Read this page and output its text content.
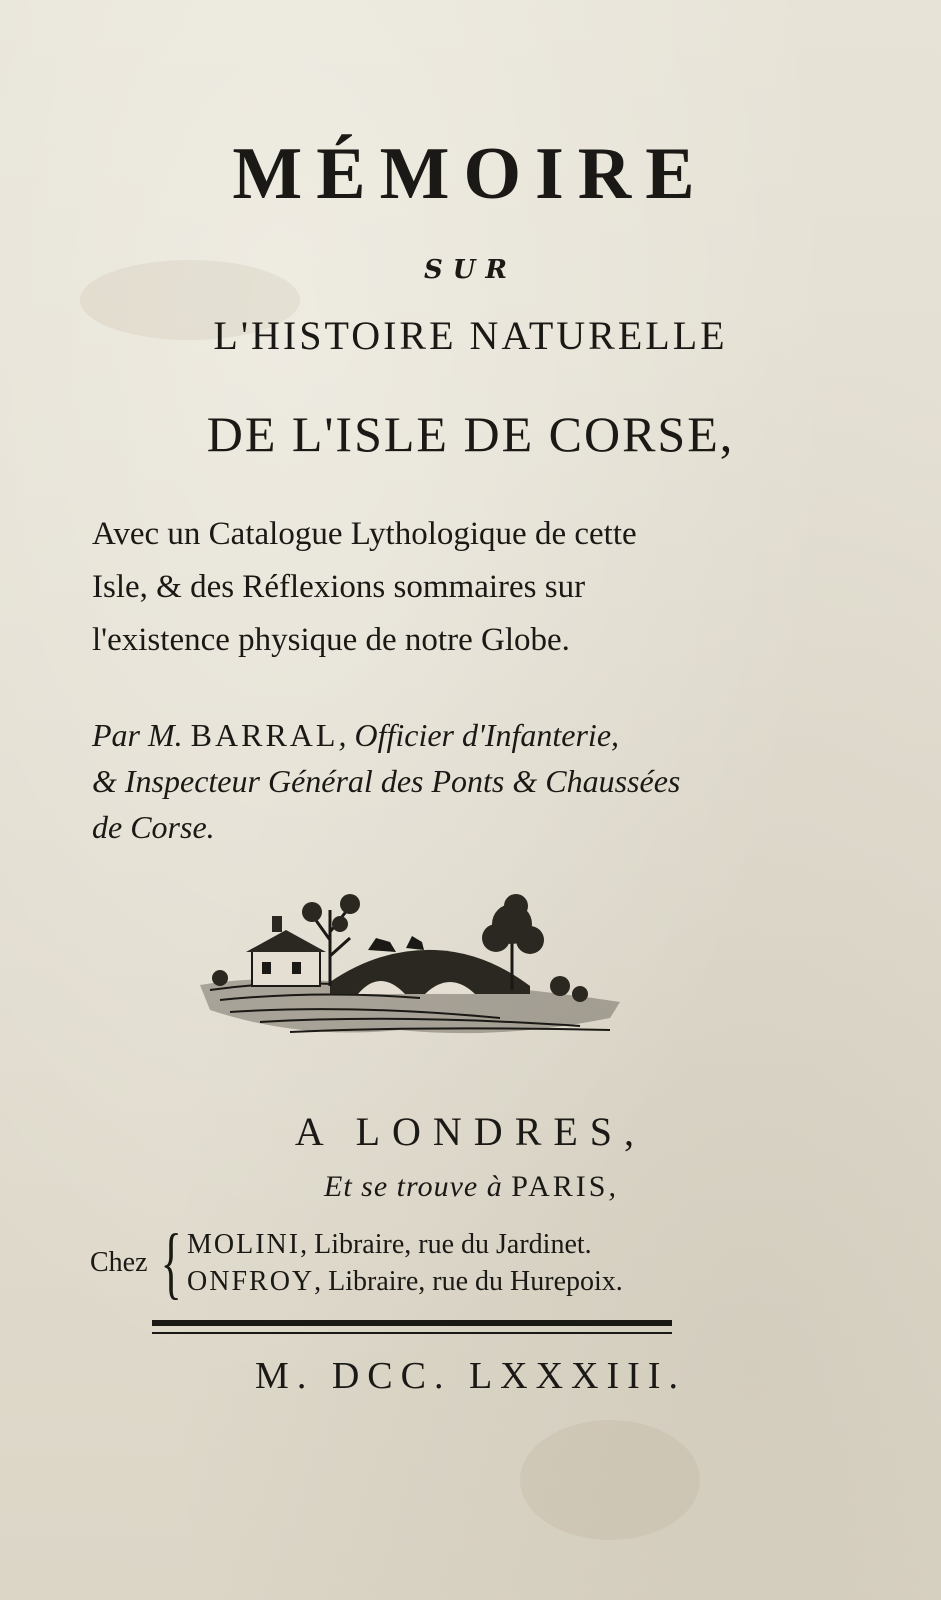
MÉMOIRE
SUR
L'HISTOIRE NATURELLE
DE L'ISLE DE CORSE,
Avec un Catalogue Lythologique de cette
Isle, & des Réflexions sommaires sur
l'existence physique de notre Globe.
Par M. BARRAL, Officier d'Infanterie,
& Inspecteur Général des Ponts & Chaussées
de Corse.
A LONDRES,
Et se trouve à PARIS,
Chez { MOLINI, Libraire, rue du Jardinet.
ONFROY, Libraire, rue du Hurepoix.
M. DCC. LXXXIII.
